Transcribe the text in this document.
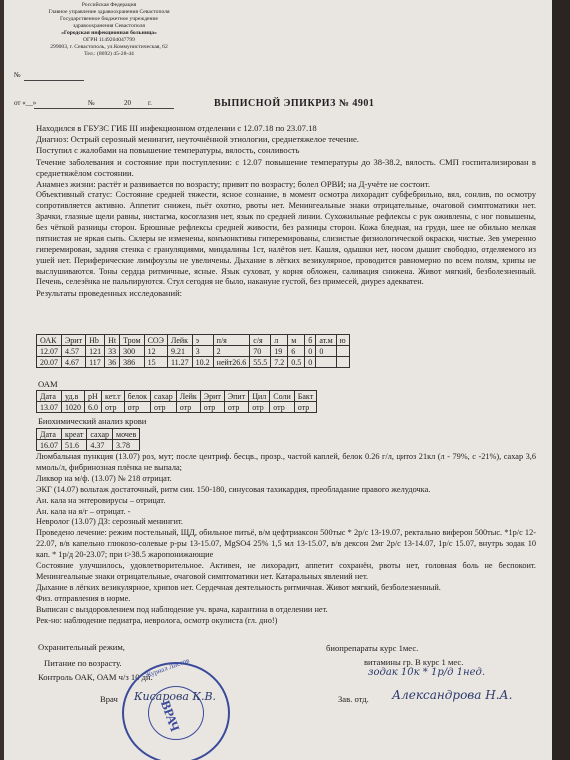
Российская Федерация
Главное управление здравоохранения Севастополя
Государственное бюджетное учреждение
здравоохранения Севастополя
«Городская инфекционная больница»
ОГРН 1149204047799
299003, г. Севастополь, ул.Коммунистическая, 62
Тел.: (8692) 45-28-44
№
от «__»	№	20 г.	ВЫПИСНОЙ ЭПИКРИЗ № 4901

Находился в ГБУЗС ГИБ III инфекционном отделении с 12.07.18 по 23.07.18

Диагноз: Острый серозный менингит, неуточнённой этиологии, среднетяжелое течение.

Поступил с жалобами на повышение температуры, вялость, сонливость

Течение заболевания и состояние при поступлении: с 12.07 повышение температуры до 38-38.2, вялость. СМП госпитализирован в среднетяжёлом состоянии.

Анамнез жизни: растёт и развивается по возрасту; привит по возрасту; болел ОРВИ; на Д-учёте не состоит.

Объективный статус: Состояние средней тяжести, ясное сознание, в момент осмотра лихорадит субфебрильно, вял, сонлив, по осмотру сопротивляется активно. Аппетит снижен, пьёт охотно, рвоты нет. Менингеальные знаки отрицательные, очаговой симптоматики нет. Зрачки, глазные щели равны, нистагма, косоглазия нет, язык по средней линии. Сухожильные рефлексы с рук оживлены, с ног повышены, без чёткой разницы сторон. Брюшные рефлексы средней живости, без разницы сторон. Кожа бледная, на груди, шее не обильно мелкая пятнистая не яркая сыпь. Склеры не изменены, конъюнктивы гиперемированы, слизистые физиологической окраски, чистые. Зев умеренно гиперемирован, задняя стенка с грануляциями, миндалины 1ст, налётов нет. Кашля, одышки нет, носом дышит свободно, отделяемого из ушей нет. Периферические лимфоузлы не увеличены. Дыхание в лёгких везикулярное, проводится равномерно по всем полям, хрипы не выслушиваются. Тоны сердца ритмичные, ясные. Язык суховат, у корня обложен, саливация снижена. Живот мягкий, безболезненный. Печень, селезёнка не пальпируются. Стул сегодня не было, накануне густой, без примесей, диурез адекватен.

Результаты проведенных исследований:

ОАК	Эрит	Hb	Ht	Тром	СОЭ	Лейк	э	п/я	с/я	л	м	б	ат.м	ю
12.07	4.57	121	33	300	12	9.21	3	2	70	19	6	0	0	
20.07	4.67	117	36	386	15	11.27	10.2	нейт26.6	55.5	7.2	0.5	0		
ОАМ
Дата	уд.в	pH	кет.т	белок	сахар	Лейк	Эрит	Эпит	Цил	Соли	Бакт
13.07	1020	6.0	отр	отр	отр	отр	отр	отр	отр	отр	отр
Биохимический анализ крови
Дата	креат	сахар	мочев
16.07	51.6	4.37	3.78

Люмбальная пункция (13.07) роз, мут; после центриф. бесцв., прозр., частой каплей, белок 0.26 г/л, цитоз 21кл (л - 79%, с -21%), сахар 3,6 ммоль/л, фибринозная плёнка не выпала;

Ликвор на м/ф. (13.07) № 218 отрицат.

ЭКГ (14.07) вольтаж достаточный, ритм син. 150-180, синусовая тахикардия, преобладание правого желудочка.

Ан. кала на энтеровирусы – отрицат.

Ан. кала на я/г – отрицат. -

Невролог (13.07) ДЗ: серозный менингит.

Проведено лечение: режим постельный, ЩД, обильное питьё, в/м цефтриаксон 500тыс * 2р/с 13-19.07, ректально виферон 500тыс. *1р/с 12-22.07, в/в капельно глюкозо-солевые р-ры 13-15.07, MgSO4 25% 1,5 мл 13-15.07, в/в дексон 2мг 2р/с 13-14.07, 1р/с 15.07, внутрь зодак 10 кап. * 1р/д 20-23.07; при t>38.5 жаропонижающие

Состояние улучшилось, удовлетворительное. Активен, не лихорадит, аппетит сохранён, рвоты нет, головная боль не беспокоит. Менингеальные знаки отрицательные, очаговой симптоматики нет. Катаральных явлений нет.

Дыхание в лёгких везикулярное, хрипов нет. Сердечная деятельность ритмичная. Живот мягкий, безболезненный.

Физ. отправления в норме.

Выписан с выздоровлением под наблюдение уч. врача, карантина в отделении нет.

Рек-но: наблюдение педиатра, невролога, осмотр окулиста (гл. дно!)

Охранительный режим,
Питание по возрасту.
Контроль ОАК, ОАМ ч/з 10 дн.
биопрепараты курс 1мес.
витамины гр. В курс 1 мес.
зодак 10к * 1р/д 1нед.
Врач
Журнал Листов
ВРАЧ
Кисарова К.В.	Зав. отд. Александрова Н.А.
